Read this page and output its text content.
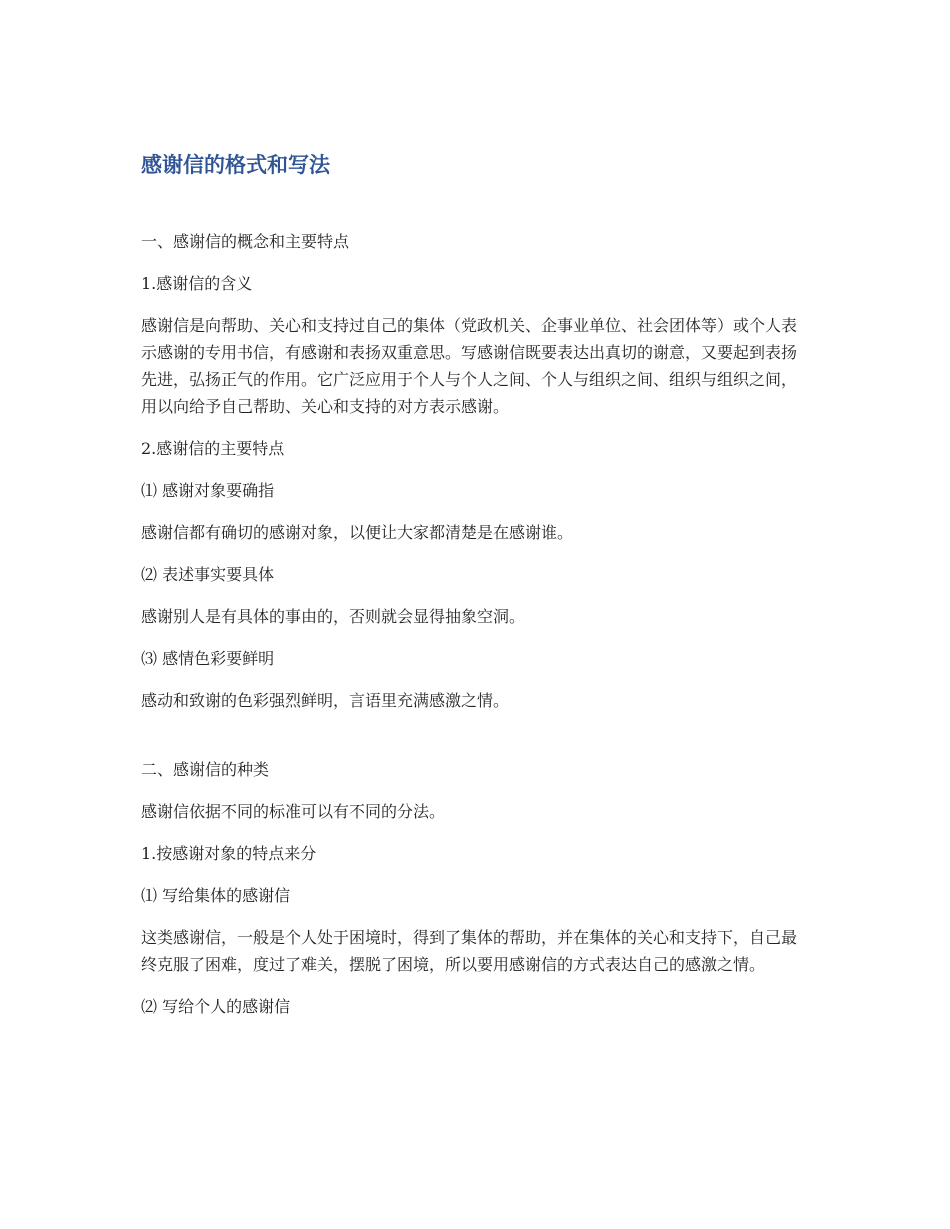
感谢信的格式和写法

一、感谢信的概念和主要特点

1.感谢信的含义

感谢信是向帮助、关心和支持过自己的集体（党政机关、企事业单位、社会团体等）或个人表示感谢的专用书信，有感谢和表扬双重意思。写感谢信既要表达出真切的谢意，又要起到表扬先进，弘扬正气的作用。它广泛应用于个人与个人之间、个人与组织之间、组织与组织之间，用以向给予自己帮助、关心和支持的对方表示感谢。

2.感谢信的主要特点

⑴ 感谢对象要确指

感谢信都有确切的感谢对象，以便让大家都清楚是在感谢谁。

⑵ 表述事实要具体

感谢别人是有具体的事由的，否则就会显得抽象空洞。

⑶ 感情色彩要鲜明

感动和致谢的色彩强烈鲜明，言语里充满感激之情。

二、感谢信的种类

感谢信依据不同的标准可以有不同的分法。

1.按感谢对象的特点来分

⑴ 写给集体的感谢信

这类感谢信，一般是个人处于困境时，得到了集体的帮助，并在集体的关心和支持下，自己最终克服了困难，度过了难关，摆脱了困境，所以要用感谢信的方式表达自己的感激之情。

⑵ 写给个人的感谢信
